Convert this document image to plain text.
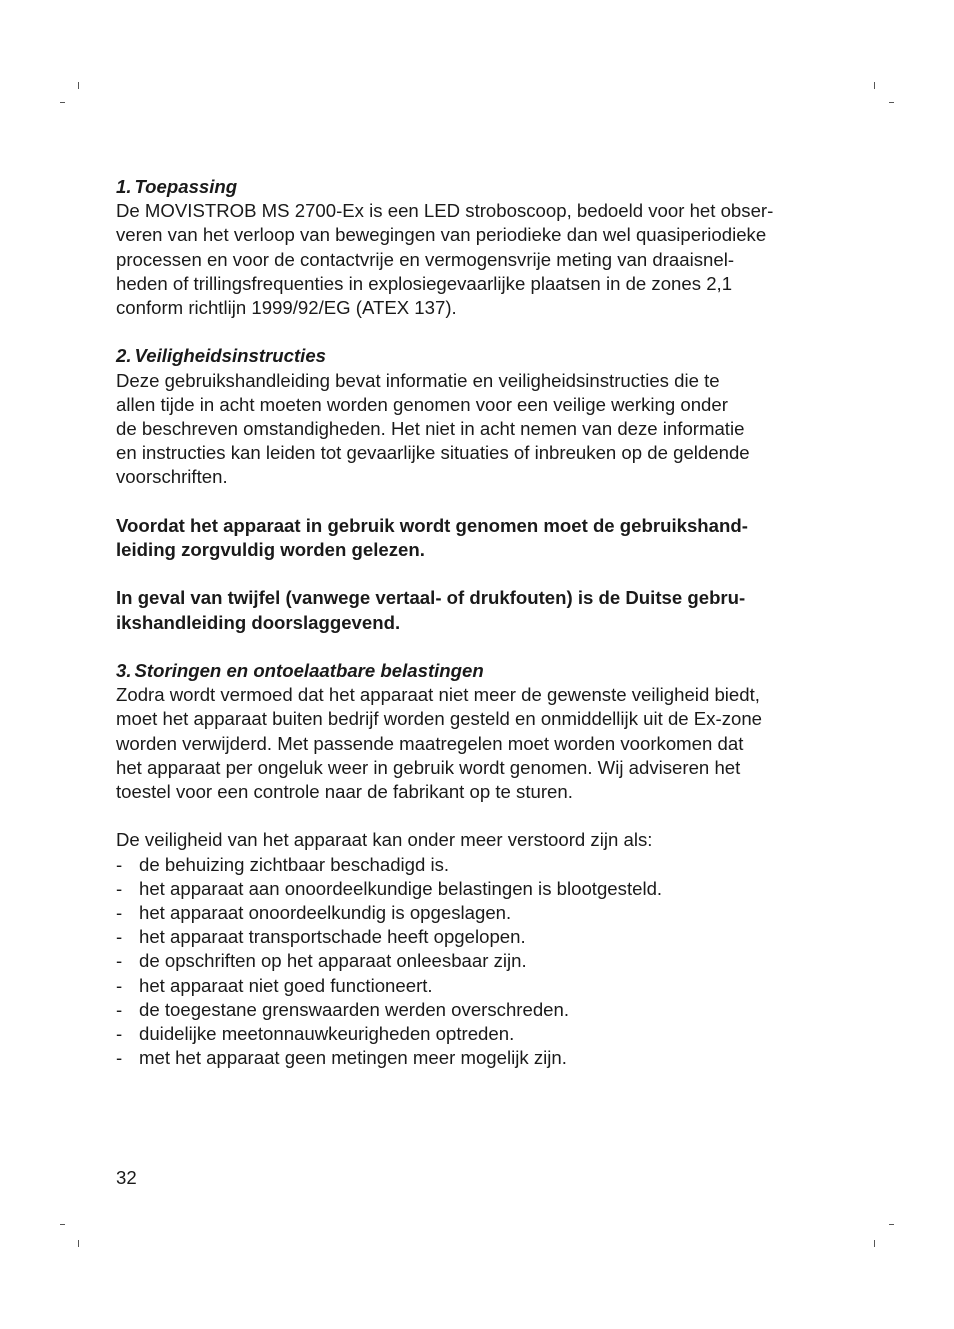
1. Toepassing

De MOVISTROB MS 2700-Ex is een LED stroboscoop, bedoeld voor het obser-
veren van het verloop van bewegingen van periodieke dan wel quasiperiodieke
processen en voor de contactvrije en vermogensvrije meting van draaisnel-
heden of trillingsfrequenties in explosiegevaarlijke plaatsen in de zones 2,1
conform richtlijn 1999/92/EG (ATEX 137).

2. Veiligheidsinstructies

Deze gebruikshandleiding bevat informatie en veiligheidsinstructies die te
allen tijde in acht moeten worden genomen voor een veilige werking onder
de beschreven omstandigheden. Het niet in acht nemen van deze informatie
en instructies kan leiden tot gevaarlijke situaties of inbreuken op de geldende
voorschriften.

Voordat het apparaat in gebruik wordt genomen moet de gebruikshand-
leiding zorgvuldig worden gelezen.

In geval van twijfel (vanwege vertaal- of drukfouten) is de Duitse gebru-
ikshandleiding doorslaggevend.

3. Storingen en ontoelaatbare belastingen

Zodra wordt vermoed dat het apparaat niet meer de gewenste veiligheid biedt,
moet het apparaat buiten bedrijf worden gesteld en onmiddellijk uit de Ex-zone
worden verwijderd. Met passende maatregelen moet worden voorkomen dat
het apparaat per ongeluk weer in gebruik wordt genomen. Wij adviseren het
toestel voor een controle naar de fabrikant op te sturen.

De veiligheid van het apparaat kan onder meer verstoord zijn als:

- de behuizing zichtbaar beschadigd is.
- het apparaat aan onoordeelkundige belastingen is blootgesteld.
- het apparaat onoordeelkundig is opgeslagen.
- het apparaat transportschade heeft opgelopen.
- de opschriften op het apparaat onleesbaar zijn.
- het apparaat niet goed functioneert.
- de toegestane grenswaarden werden overschreden.
- duidelijke meetonnauwkeurigheden optreden.
- met het apparaat geen metingen meer mogelijk zijn.
32
